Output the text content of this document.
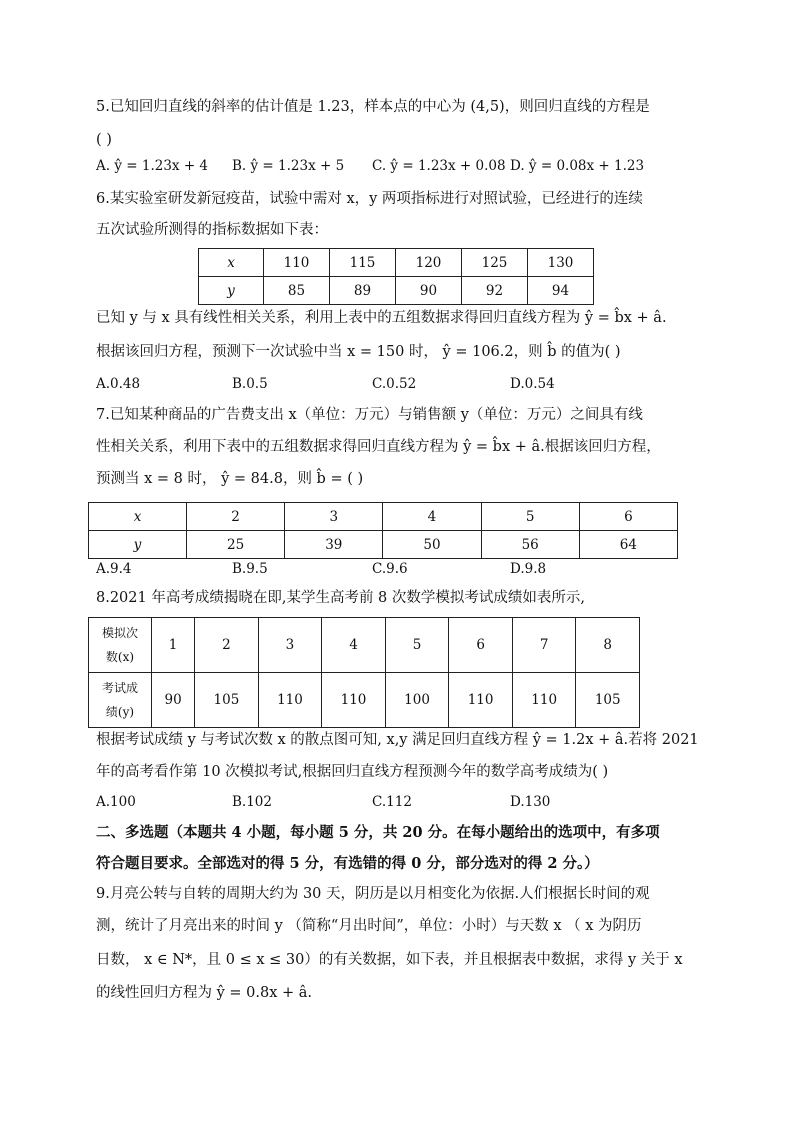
5.已知回归直线的斜率的估计值是 1.23，样本点的中心为 (4,5)，则回归直线的方程是
( )
A. ŷ = 1.23x + 4 B. ŷ = 1.23x + 5 C. ŷ = 1.23x + 0.08 D. ŷ = 0.08x + 1.23
6.某实验室研发新冠疫苗，试验中需对 x，y 两项指标进行对照试验，已经进行的连续
五次试验所测得的指标数据如下表：
x	110	115	120	125	130
y	85	89	90	92	94
已知 y 与 x 具有线性相关关系，利用上表中的五组数据求得回归直线方程为 ŷ = b̂x + â.
根据该回归方程，预测下一次试验中当 x = 150 时， ŷ = 106.2，则 b̂ 的值为( )
A.0.48	B.0.5	C.0.52	D.0.54
7.已知某种商品的广告费支出 x（单位：万元）与销售额 y（单位：万元）之间具有线
性相关关系，利用下表中的五组数据求得回归直线方程为 ŷ = b̂x + â.根据该回归方程，
预测当 x = 8 时， ŷ = 84.8，则 b̂ = ( )
x	2	3	4	5	6
y	25	39	50	56	64
A.9.4	B.9.5	C.9.6	D.9.8
8.2021 年高考成绩揭晓在即,某学生高考前 8 次数学模拟考试成绩如表所示,
模拟次
数(x)	1	2	3	4	5	6	7	8

考试成
绩(y)	90	105	110	110	100	110	110	105
根据考试成绩 y 与考试次数 x 的散点图可知, x,y 满足回归直线方程 ŷ = 1.2x + â.若将 2021
年的高考看作第 10 次模拟考试,根据回归直线方程预测今年的数学高考成绩为( )
A.100	B.102	C.112	D.130
二、多选题（本题共 4 小题，每小题 5 分，共 20 分。在每小题给出的选项中，有多项
符合题目要求。全部选对的得 5 分，有选错的得 0 分，部分选对的得 2 分。）
9.月亮公转与自转的周期大约为 30 天，阴历是以月相变化为依据.人们根据长时间的观
测，统计了月亮出来的时间 y （简称“月出时间”，单位：小时）与天数 x （ x 为阴历
日数， x ∈ N*，且 0 ≤ x ≤ 30）的有关数据，如下表，并且根据表中数据，求得 y 关于 x
的线性回归方程为 ŷ = 0.8x + â.
